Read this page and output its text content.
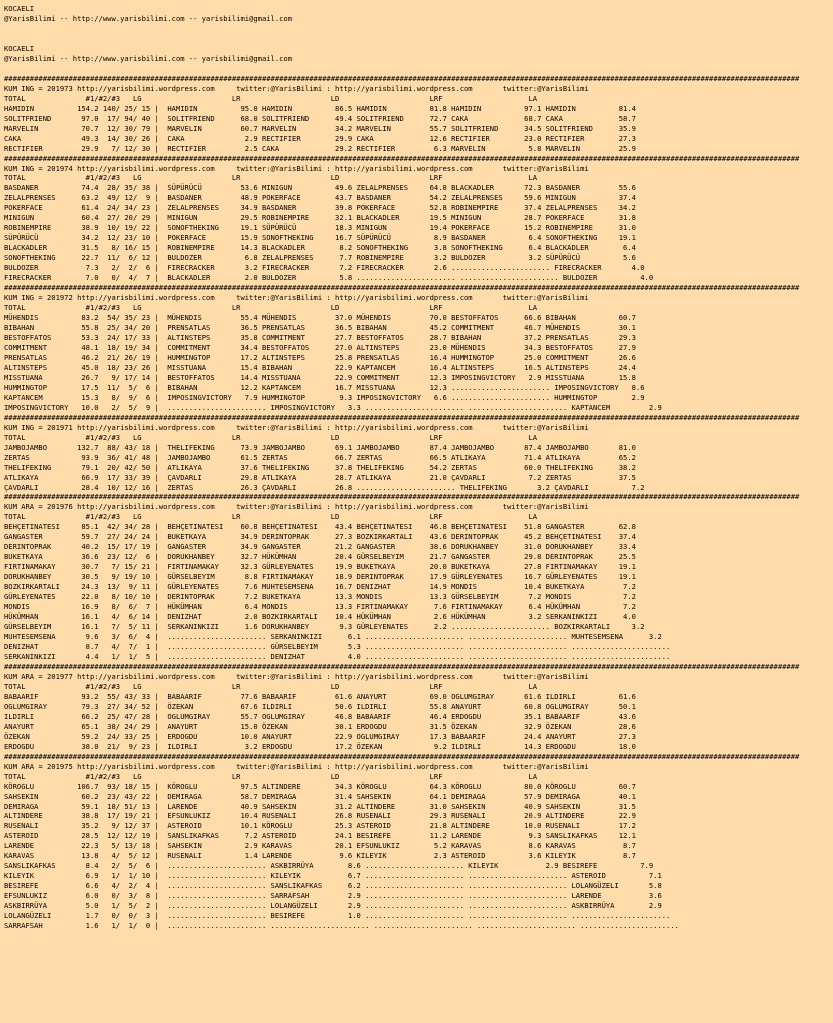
KOCAELI
@YarisBilimi -- http://www.yarisbilimi.com -- yarisbilimi@gmail.com
KOCAELI
@YarisBilimi -- http://www.yarisbilimi.com -- yarisbilimi@gmail.com
#########################################################################################################################################################################################
KUM ING = 201973 http://yarisbilimi.wordpress.com     twitter:@YarisBilimi : http://yarisbilimi.wordpress.com       twitter:@YarisBilimi
TOTAL              #1/#2/#3   LG                     LR                     LD                     LRF                    LA
HAMIDIN          154.2 140/ 25/ 15 |  HAMIDIN          95.0 HAMIDIN          86.5 HAMIDIN          81.8 HAMIDIN          97.1 HAMIDIN          81.4
SOLITFRIEND       97.0  17/ 94/ 40 |  SOLITFRIEND      68.0 SOLITFRIEND      49.4 SOLITFRIEND      72.7 CAKA             68.7 CAKA             58.7
MARVELIN          70.7  12/ 30/ 79 |  MARVELIN         60.7 MARVELIN         34.2 MARVELIN         55.7 SOLITFRIEND      34.5 SOLITFRIEND      35.9
CAKA              49.3  14/ 30/ 26 |  CAKA              2.9 RECTIFIER        29.9 CAKA             12.6 RECTIFIER        23.0 RECTIFIER        27.3
RECTIFIER         29.9   7/ 12/ 30 |  RECTIFIER         2.5 CAKA             29.2 RECTIFIER         6.3 MARVELIN          5.8 MARVELIN         25.9
#########################################################################################################################################################################################
KUM ING = 201974 http://yarisbilimi.wordpress.com     twitter:@YarisBilimi : http://yarisbilimi.wordpress.com       twitter:@YarisBilimi
TOTAL              #1/#2/#3   LG                     LR                     LD                     LRF                    LA
BASDANER          74.4  28/ 35/ 38 |  SÜPÜRÜCÜ         53.6 MINIGUN          49.6 ZELALPRENSES     64.8 BLACKADLER       72.3 BASDANER         55.6
ZELALPRENSES      63.2  49/ 12/  9 |  BASDANER         48.9 POKERFACE        43.7 BASDANER         54.2 ZELALPRENSES     59.6 MINIGUN          37.4
POKERFACE         61.4  24/ 34/ 23 |  ZELALPRENSES     34.9 BASDANER         39.8 POKERFACE        52.8 ROBINEMPIRE      37.4 ZELALPRENSES     34.2
MINIGUN           60.4  27/ 20/ 29 |  MINIGUN          29.5 ROBINEMPIRE      32.1 BLACKADLER       19.5 MINIGUN          28.7 POKERFACE        31.8
ROBINEMPIRE       38.9  10/ 19/ 22 |  SONOFTHEKING     19.1 SÜPÜRÜCÜ         18.3 MINIGUN          19.4 POKERFACE        15.2 ROBINEMPIRE      31.0
SÜPÜRÜCÜ          34.2  12/ 23/ 10 |  POKERFACE        15.9 SONOFTHEKING     16.7 SÜPÜRÜCÜ          8.9 BASDANER          6.4 SONOFTHEKING     19.1
BLACKADLER        31.5   8/ 16/ 15 |  ROBINEMPIRE      14.3 BLACKADLER        8.2 SONOFTHEKING      3.8 SONOFTHEKING      6.4 BLACKADLER        6.4
SONOFTHEKING      22.7  11/  6/ 12 |  BULDOZER          6.8 ZELALPRENSES      7.7 ROBINEMPIRE       3.2 BULDOZER          3.2 SÜPÜRÜCÜ          5.6
BULDOZER           7.3   2/  2/  6 |  FIRECRACKER       3.2 FIRECRACKER       7.2 FIRECRACKER       2.6 ....................... FIRECRACKER       4.0
FIRECRACKER        7.0   0/  4/  7 |  BLACKADLER        2.0 BULDOZER          5.8 ....................... ....................... BULDOZER          4.0
#########################################################################################################################################################################################
KUM ING = 201972 http://yarisbilimi.wordpress.com     twitter:@YarisBilimi : http://yarisbilimi.wordpress.com       twitter:@YarisBilimi
TOTAL              #1/#2/#3   LG                     LR                     LD                     LRF                    LA
MÜHENDIS          83.2  54/ 35/ 23 |  MÜHENDIS         55.4 MÜHENDIS         37.0 MÜHENDIS         70.0 BESTOFFATOS      66.6 BIBAHAN          60.7
BIBAHAN           55.8  25/ 34/ 20 |  PRENSATLAS       36.5 PRENSATLAS       36.5 BIBAHAN          45.2 COMMITMENT       46.7 MÜHENDIS         30.1
BESTOFFATOS       53.3  24/ 17/ 33 |  ALTINSTEPS       35.8 COMMITMENT       27.7 BESTOFFATOS      28.7 BIBAHAN          37.2 PRENSATLAS       29.3
COMMITMENT        48.1  18/ 19/ 34 |  COMMITMENT       34.4 BESTOFFATOS      27.0 ALTINSTEPS       23.0 MÜHENDIS         34.3 BESTOFFATOS      27.9
PRENSATLAS        46.2  21/ 26/ 19 |  HUMMINGTOP       17.2 ALTINSTEPS       25.8 PRENSATLAS       16.4 HUMMINGTOP       25.0 COMMITMENT       26.6
ALTINSTEPS        45.0  18/ 23/ 26 |  MISSTUANA        15.4 BIBAHAN          22.9 KAPTANCEM        16.4 ALTINSTEPS       16.5 ALTINSTEPS       24.4
MISSTUANA         26.7   9/ 17/ 14 |  BESTOFFATOS      14.4 MISSTUANA        22.9 COMMITMENT       12.3 IMPOSINGVICTORY   2.9 MISSTUANA        15.8
HUMMINGTOP        17.5  11/  5/  6 |  BIBAHAN          12.2 KAPTANCEM        16.7 MISSTUANA        12.3 ....................... IMPOSINGVICTORY   8.6
KAPTANCEM         15.3   8/  9/  6 |  IMPOSINGVICTORY   7.9 HUMMINGTOP        9.3 IMPOSINGVICTORY   6.6 ....................... HUMMINGTOP        2.9
IMPOSINGVICTORY   10.0   2/  5/  9 |  ....................... IMPOSINGVICTORY   3.3 ....................... ....................... KAPTANCEM         2.9
#########################################################################################################################################################################################
KUM ING = 201971 http://yarisbilimi.wordpress.com     twitter:@YarisBilimi : http://yarisbilimi.wordpress.com       twitter:@YarisBilimi
TOTAL              #1/#2/#3   LG                     LR                     LD                     LRF                    LA
JAMBOJAMBO       132.7  88/ 43/ 18 |  THELIFEKING      73.9 JAMBOJAMBO       69.1 JAMBOJAMBO       87.4 JAMBOJAMBO       87.4 JAMBOJAMBO       81.0
ZERTAS            93.9  36/ 41/ 48 |  JAMBOJAMBO       61.5 ZERTAS           66.7 ZERTAS           66.5 ATLIKAYA         71.4 ATLIKAYA         65.2
THELIFEKING       79.1  20/ 42/ 50 |  ATLIKAYA         37.6 THELIFEKING      37.8 THELIFEKING      54.2 ZERTAS           60.0 THELIFEKING      38.2
ATLIKAYA          66.9  17/ 33/ 39 |  ÇAVDARLI         29.8 ATLIKAYA         28.7 ATLIKAYA         21.0 ÇAVDARLI          7.2 ZERTAS           37.5
ÇAVDARLI          28.4  10/ 12/ 16 |  ZERTAS           26.3 ÇAVDARLI         26.8 ....................... THELIFEKING       3.2 ÇAVDARLI          7.2
#########################################################################################################################################################################################
KUM ARA = 201976 http://yarisbilimi.wordpress.com     twitter:@YarisBilimi : http://yarisbilimi.wordpress.com       twitter:@YarisBilimi
TOTAL              #1/#2/#3   LG                     LR                     LD                     LRF                    LA
BEHÇETINATESI     85.1  42/ 34/ 28 |  BEHÇETINATESI    60.8 BEHÇETINATESI    43.4 BEHÇETINATESI    46.8 BEHÇETINATESI    51.8 GANGASTER        62.8
GANGASTER         59.7  27/ 24/ 24 |  BUKETKAYA        34.9 DERINTOPRAK      27.3 BOZKIRKARTALI    43.6 DERINTOPRAK      45.2 BEHÇETINATESI    37.4
DERINTOPRAK       40.2  15/ 17/ 19 |  GANGASTER        34.9 GANGASTER        21.2 GANGASTER        38.6 DORUKHANBEY      31.0 DORUKHANBEY      33.4
BUKETKAYA         36.6  23/ 12/  6 |  DORUKHANBEY      32.7 HÜKÜMHAN         20.4 GÜRSELBEYIM      21.7 GANGASTER        29.8 DERINTOPRAK      25.5
FIRTINAMAKAY      30.7   7/ 15/ 21 |  FIRTINAMAKAY     32.3 GÜRLEYENATES     19.9 BUKETKAYA        20.0 BUKETKAYA        27.8 FIRTINAMAKAY     19.1
DORUKHANBEY       30.5   9/ 19/ 10 |  GÜRSELBEYIM       8.8 FIRTINAMAKAY     18.9 DERINTOPRAK      17.9 GÜRLEYENATES     16.7 GÜRLEYENATES     19.1
BOZKIRKARTALI     24.3  13/  9/ 11 |  GÜRLEYENATES      7.6 MUHTESEMSENA     16.7 DENIZHAT         14.9 MONDIS           10.4 BUKETKAYA         7.2
GÜRLEYENATES      22.0   8/ 10/ 10 |  DERINTOPRAK       7.2 BUKETKAYA        13.3 MONDIS           13.3 GÜRSELBEYIM       7.2 MONDIS            7.2
MONDIS            16.9   8/  6/  7 |  HÜKÜMHAN          6.4 MONDIS           13.3 FIRTINAMAKAY      7.6 FIRTINAMAKAY      6.4 HÜKÜMHAN          7.2
HÜKÜMHAN          16.1   4/  6/ 14 |  DENIZHAT          2.0 BOZKIRKARTALI    10.4 HÜKÜMHAN          2.6 HÜKÜMHAN          3.2 SERKANINKIZI      4.0
GÜRSELBEYIM       16.1   7/  5/ 11 |  SERKANINKIZI      1.6 DORUKHANBEY       9.3 GÜRLEYENATES      2.2 ....................... BOZKIRKARTALI     3.2
MUHTESEMSENA       9.6   3/  6/  4 |  ....................... SERKANINKIZI      6.1 ....................... ....................... MUHTESEMSENA      3.2
DENIZHAT           8.7   4/  7/  1 |  ....................... GÜRSELBEYIM       5.3 ....................... ....................... .......................
SERKANINKIZI       4.4   1/  1/  5 |  ....................... DENIZHAT          4.0 ....................... ....................... .......................
#########################################################################################################################################################################################
KUM ARA = 201977 http://yarisbilimi.wordpress.com     twitter:@YarisBilimi : http://yarisbilimi.wordpress.com       twitter:@YarisBilimi
TOTAL              #1/#2/#3   LG                     LR                     LD                     LRF                    LA
BABAARIF          93.2  55/ 43/ 33 |  BABAARIF         77.6 BABAARIF         61.6 ANAYURT          69.0 OGLUMGIRAY       61.6 ILDIRLI          61.6
OGLUMGIRAY        79.3  27/ 34/ 52 |  ÖZEKAN           67.6 ILDIRLI          50.6 ILDIRLI          55.8 ANAYURT          60.8 OGLUMGIRAY       50.1
ILDIRLI           66.2  25/ 47/ 28 |  OGLUMGIRAY       55.7 OGLUMGIRAY       46.8 BABAARIF         46.4 ERDOGDU          35.1 BABAARIF         43.6
ANAYURT           65.1  38/ 24/ 29 |  ANAYURT          15.0 ÖZEKAN           30.1 ERDOGDU          31.5 ÖZEKAN           32.9 ÖZEKAN           28.6
ÖZEKAN            59.2  24/ 33/ 25 |  ERDOGDU          10.0 ANAYURT          22.9 OGLUMGIRAY       17.3 BABAARIF         24.4 ANAYURT          27.3
ERDOGDU           38.0  21/  9/ 23 |  ILDIRLI           3.2 ERDOGDU          17.2 ÖZEKAN            9.2 ILDIRLI          14.3 ERDOGDU          18.0
#########################################################################################################################################################################################
KUM ARA = 201975 http://yarisbilimi.wordpress.com     twitter:@YarisBilimi : http://yarisbilimi.wordpress.com       twitter:@YarisBilimi
TOTAL              #1/#2/#3   LG                     LR                     LD                     LRF                    LA
KÖROGLU          106.7  93/ 18/ 15 |  KÖROGLU          97.5 ALTINDERE        34.3 KÖROGLU          64.3 KÖROGLU          80.0 KÖROGLU          60.7
SAHSEKIN          60.2  23/ 43/ 22 |  DEMIRAGA         58.7 DEMIRAGA         31.4 SAHSEKIN         64.1 DEMIRAGA         57.9 DEMIRAGA         40.1
DEMIRAGA          59.1  18/ 51/ 13 |  LARENDE          40.9 SAHSEKIN         31.2 ALTINDERE        31.0 SAHSEKIN         40.9 SAHSEKIN         31.5
ALTINDERE         38.8  17/ 19/ 21 |  EFSUNLUKIZ       10.4 RUSENALI         26.8 RUSENALI         29.3 RUSENALI         20.9 ALTINDERE        22.9
RUSENALI          35.2   9/ 12/ 37 |  ASTEROID         10.1 KÖROGLU          25.3 ASTEROID         21.8 ALTINDERE        10.0 RUSENALI         17.2
ASTEROID          28.5  12/ 12/ 19 |  SANSLIKAFKAS      7.2 ASTEROID         24.1 BESIREFE         11.2 LARENDE           9.3 SANSLIKAFKAS     12.1
LARENDE           22.3   5/ 13/ 18 |  SAHSEKIN          2.9 KARAVAS          20.1 EFSUNLUKIZ        5.2 KARAVAS           8.6 KARAVAS           8.7
KARAVAS           13.8   4/  5/ 12 |  RUSENALI          1.4 LARENDE           9.6 KILEYIK           2.3 ASTEROID          3.6 KILEYIK           8.7
SANSLIKAFKAS       8.4   2/  5/  6 |  ....................... ASKBIRRÜYA        8.6 ....................... KILEYIK           2.9 BESIREFE          7.9
KILEYIK            6.9   1/  1/ 10 |  ....................... KILEYIK           6.7 ....................... ....................... ASTEROID          7.1
BESIREFE           6.6   4/  2/  4 |  ....................... SANSLIKAFKAS      6.2 ....................... ....................... LOLANGÜZELI       5.8
EFSUNLUKIZ         6.0   0/  3/  8 |  ....................... SARRAFSAH         2.9 ....................... ....................... LARENDE           3.6
ASKBIRRÜYA         5.0   1/  5/  2 |  ....................... LOLANGÜZELI       2.9 ....................... ....................... ASKBIRRÜYA        2.9
LOLANGÜZELI        1.7   0/  0/  3 |  ....................... BESIREFE          1.0 ....................... ....................... .......................
SARRAFSAH          1.6   1/  1/  0 |  ....................... ....................... ....................... ....................... .......................
